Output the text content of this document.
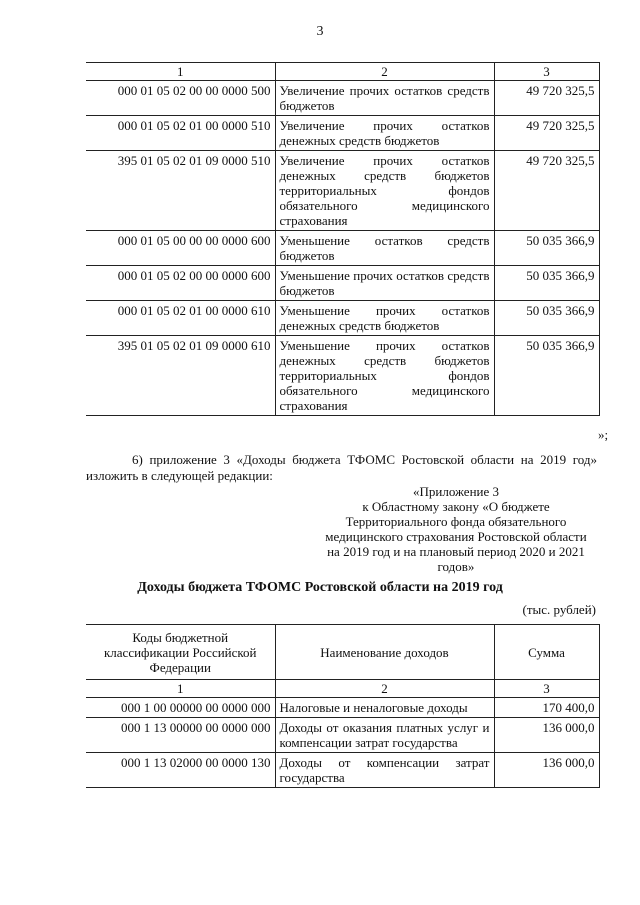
3
1	2	3
000 01 05 02 00 00 0000 500	Увеличение прочих остатков средств бюджетов	49 720 325,5
000 01 05 02 01 00 0000 510	Увеличение прочих остатков денежных средств бюджетов	49 720 325,5
395 01 05 02 01 09 0000 510	Увеличение прочих остатков денежных средств бюджетов территориальных фондов обязательного медицинского страхования	49 720 325,5
000 01 05 00 00 00 0000 600	Уменьшение остатков средств бюджетов	50 035 366,9
000 01 05 02 00 00 0000 600	Уменьшение прочих остатков средств бюджетов	50 035 366,9
000 01 05 02 01 00 0000 610	Уменьшение прочих остатков денежных средств бюджетов	50 035 366,9
395 01 05 02 01 09 0000 610	Уменьшение прочих остатков денежных средств бюджетов территориальных фондов обязательного медицинского страхования	50 035 366,9
»;
6) приложение 3 «Доходы бюджета ТФОМС Ростовской области на 2019 год» изложить в следующей редакции:
«Приложение 3
к Областному закону «О бюджете Территориального фонда обязательного медицинского страхования Ростовской области на 2019 год и на плановый период 2020 и 2021 годов»
Доходы бюджета ТФОМС Ростовской области на 2019 год
(тыс. рублей)
Коды бюджетной классификации Российской Федерации	Наименование доходов	Сумма
1	2	3
000 1 00 00000 00 0000 000	Налоговые и неналоговые доходы	170 400,0
000 1 13 00000 00 0000 000	Доходы от оказания платных услуг и компенсации затрат государства	136 000,0
000 1 13 02000 00 0000 130	Доходы от компенсации затрат государства	136 000,0
